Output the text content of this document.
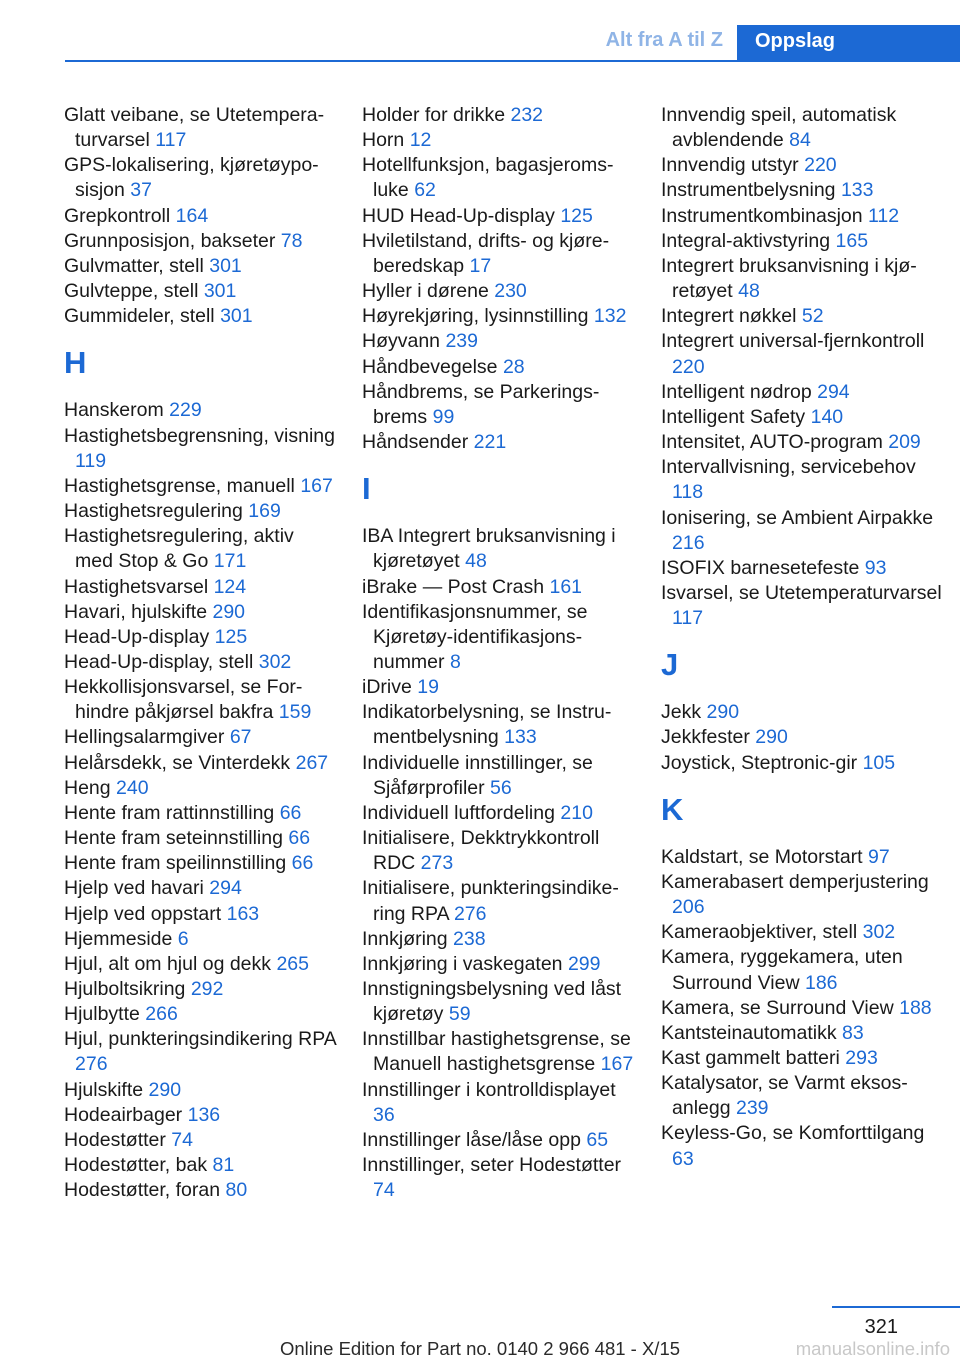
Alt fra A til Z	Oppslag

Glatt veibane, se Utetemperaturvarsel 117

GPS-lokalisering, kjøretøyposisjon 37

Grepkontroll 164

Grunnposisjon, bakseter 78

Gulvmatter, stell 301

Gulvteppe, stell 301

Gummideler, stell 301

H

Hanskerom 229

Hastighetsbegrensning, visning 119

Hastighetsgrense, manuell 167

Hastighetsregulering 169

Hastighetsregulering, aktiv med Stop & Go 171

Hastighetsvarsel 124

Havari, hjulskifte 290

Head-Up-display 125

Head-Up-display, stell 302

Hekkollisjonsvarsel, se Forhindre påkjørsel bakfra 159

Hellingsalarmgiver 67

Helårsdekk, se Vinterdekk 267

Heng 240

Hente fram rattinnstilling 66

Hente fram seteinnstilling 66

Hente fram speilinnstilling 66

Hjelp ved havari 294

Hjelp ved oppstart 163

Hjemmeside 6

Hjul, alt om hjul og dekk 265

Hjulboltsikring 292

Hjulbytte 266

Hjul, punkteringsindikering RPA 276

Hjulskifte 290

Hodeairbager 136

Hodestøtter 74

Hodestøtter, bak 81

Hodestøtter, foran 80

Holder for drikke 232

Horn 12

Hotellfunksjon, bagasjeromsluke 62

HUD Head-Up-display 125

Hviletilstand, drifts- og kjøreberedskap 17

Hyller i dørene 230

Høyrekjøring, lysinnstilling 132

Høyvann 239

Håndbevegelse 28

Håndbrems, se Parkeringsbrems 99

Håndsender 221

I

IBA Integrert bruksanvisning i kjøretøyet 48

iBrake — Post Crash 161

Identifikasjonsnummer, se Kjøretøy-identifikasjonsnummer 8

iDrive 19

Indikatorbelysning, se Instrumentbelysning 133

Individuelle innstillinger, se Sjåførprofiler 56

Individuell luftfordeling 210

Initialisere, Dekktrykkontroll RDC 273

Initialisere, punkteringsindikering RPA 276

Innkjøring 238

Innkjøring i vaskegaten 299

Innstigningsbelysning ved låst kjøretøy 59

Innstillbar hastighetsgrense, se Manuell hastighetsgrense 167

Innstillinger i kontrolldisplayet 36

Innstillinger låse/låse opp 65

Innstillinger, seter Hodestøtter 74

Innvendig speil, automatisk avblendende 84

Innvendig utstyr 220

Instrumentbelysning 133

Instrumentkombinasjon 112

Integral-aktivstyring 165

Integrert bruksanvisning i kjøretøyet 48

Integrert nøkkel 52

Integrert universal-fjernkontroll 220

Intelligent nødrop 294

Intelligent Safety 140

Intensitet, AUTO-program 209

Intervallvisning, servicebehov 118

Ionisering, se Ambient Airpakke 216

ISOFIX barnesetefeste 93

Isvarsel, se Utetemperaturvarsel 117

J

Jekk 290

Jekkfester 290

Joystick, Steptronic-gir 105

K

Kaldstart, se Motorstart 97

Kamerabasert demperjustering 206

Kameraobjektiver, stell 302

Kamera, ryggekamera, uten Surround View 186

Kamera, se Surround View 188

Kantsteinautomatikk 83

Kast gammelt batteri 293

Katalysator, se Varmt eksosanlegg 239

Keyless-Go, se Komforttilgang 63

321
Online Edition for Part no. 0140 2 966 481 - X/15	manualsonline.info
